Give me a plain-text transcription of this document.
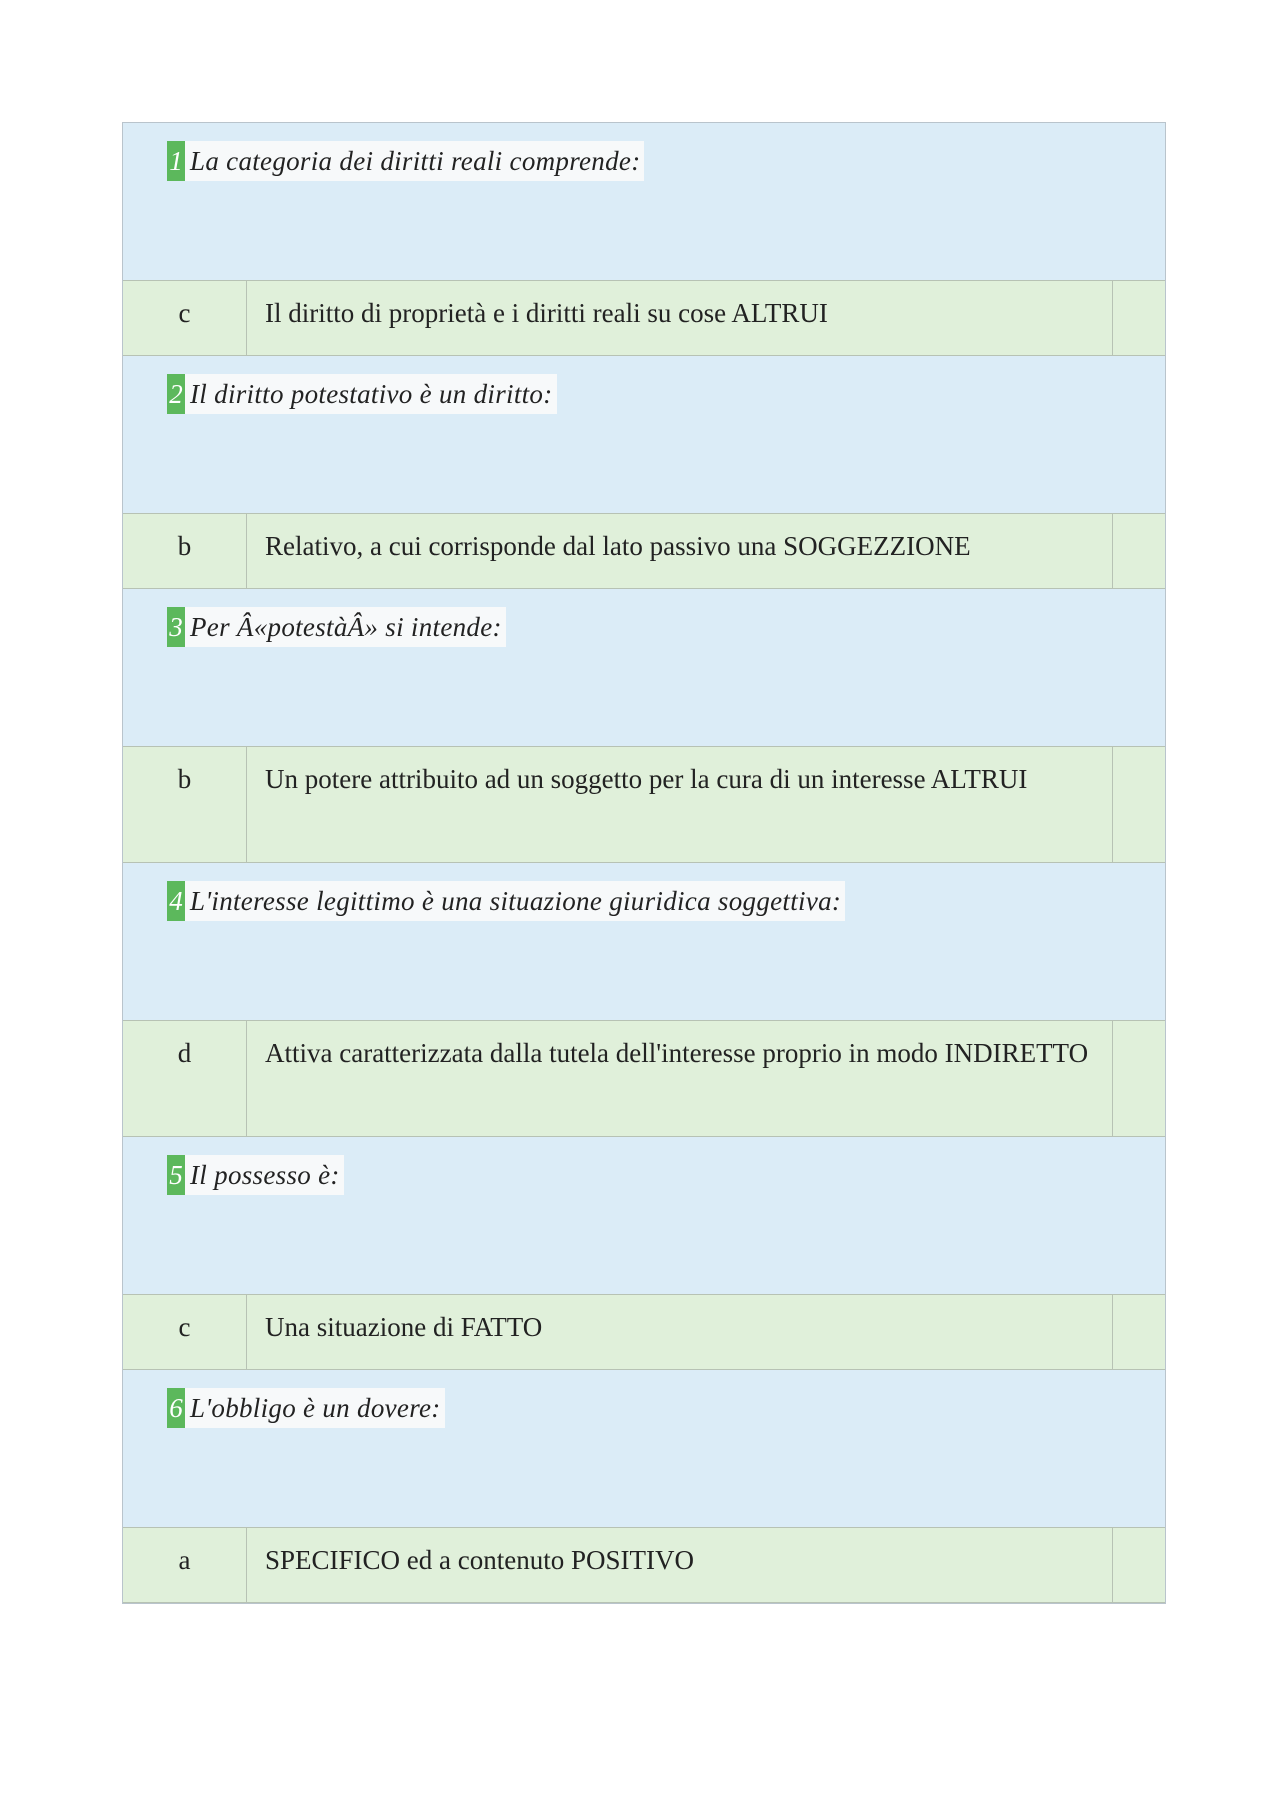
1 La categoria dei diritti reali comprende:
c	Il diritto di proprietà e i diritti reali su cose ALTRUI
2 Il diritto potestativo è un diritto:
b	Relativo, a cui corrisponde dal lato passivo una SOGGEZZIONE
3 Per Â«potestàÂ» si intende:
b	Un potere attribuito ad un soggetto per la cura di un interesse ALTRUI
4 L'interesse legittimo è una situazione giuridica soggettiva:
d	Attiva caratterizzata dalla tutela dell'interesse proprio in modo INDIRETTO
5 Il possesso è:
c	Una situazione di FATTO
6 L'obbligo è un dovere:
a	SPECIFICO ed a contenuto POSITIVO
